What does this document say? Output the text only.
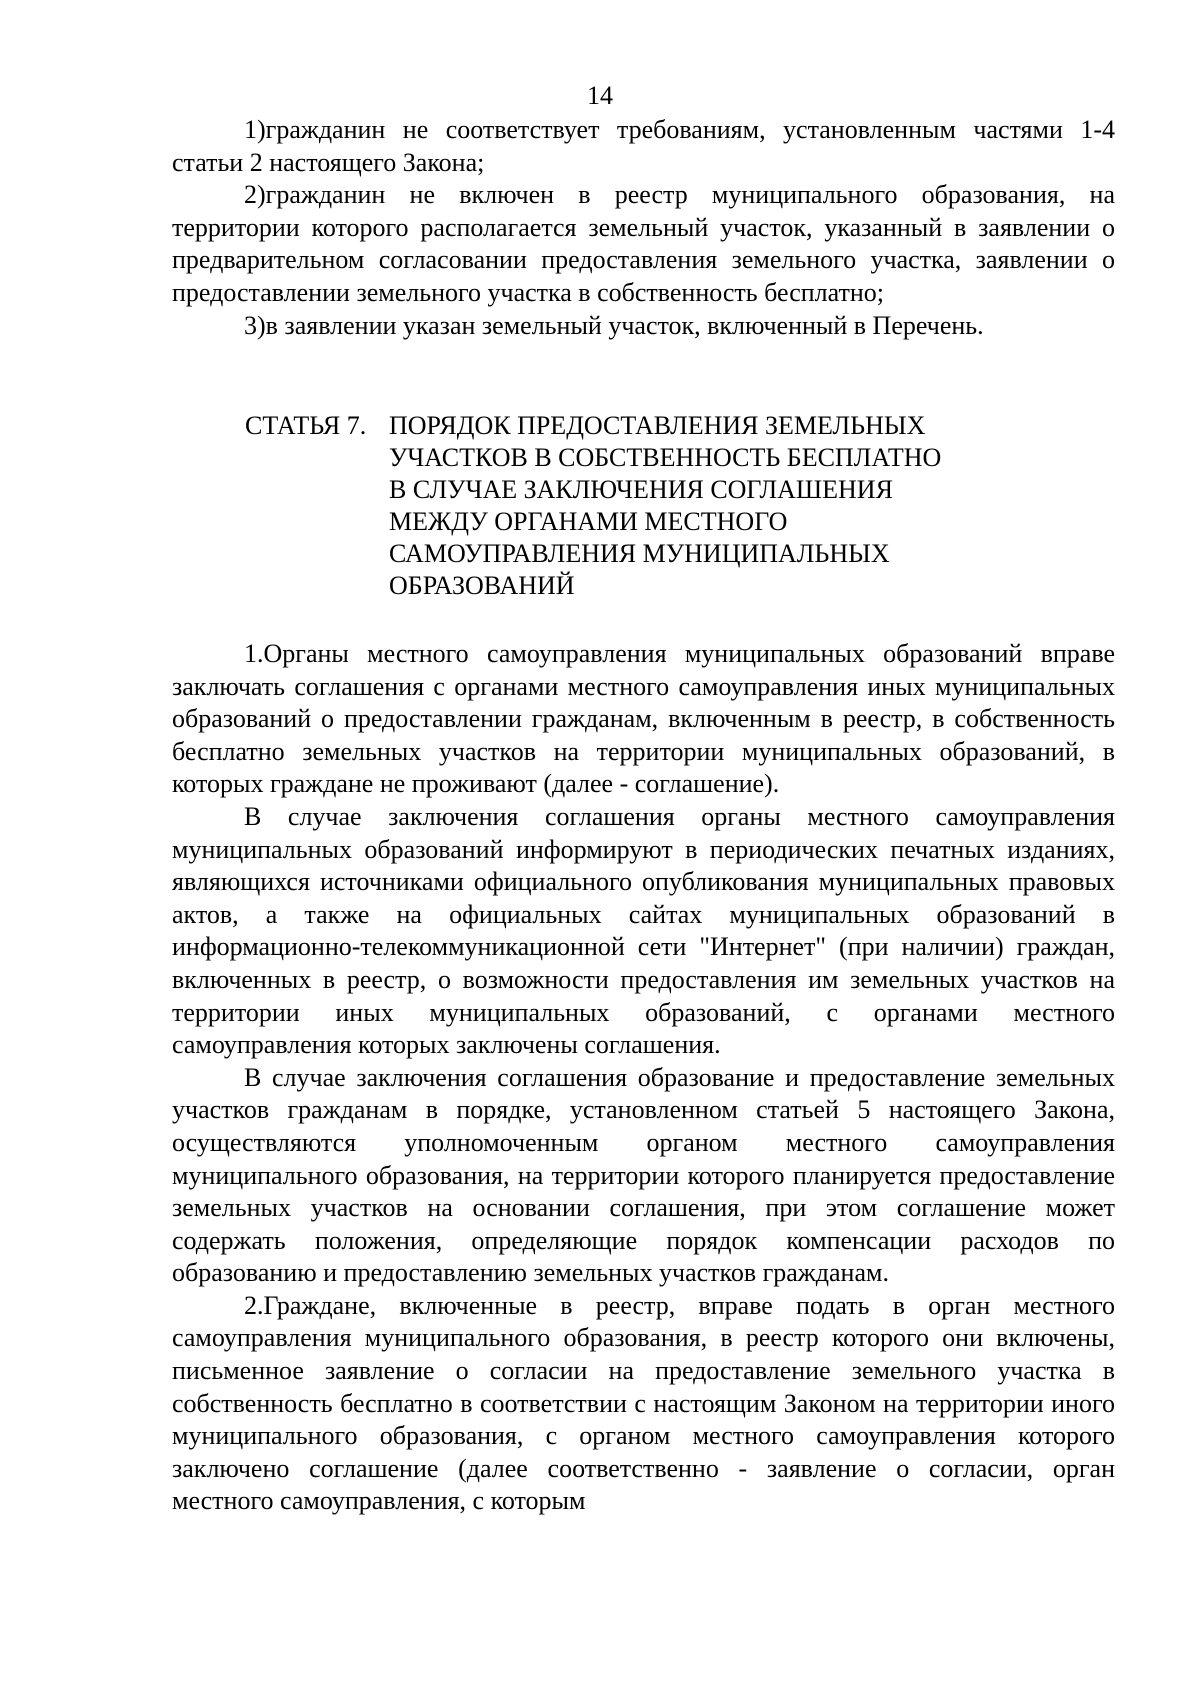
14

1)гражданин не соответствует требованиям, установленным частями 1-4 статьи 2 настоящего Закона;

2)гражданин не включен в реестр муниципального образования, на территории которого располагается земельный участок, указанный в заявлении о предварительном согласовании предоставления земельного участка, заявлении о предоставлении земельного участка в собственность бесплатно;

3)в заявлении указан земельный участок, включенный в Перечень.

СТАТЬЯ 7. ПОРЯДОК ПРЕДОСТАВЛЕНИЯ ЗЕМЕЛЬНЫХ
УЧАСТКОВ В СОБСТВЕННОСТЬ БЕСПЛАТНО
В СЛУЧАЕ ЗАКЛЮЧЕНИЯ СОГЛАШЕНИЯ
МЕЖДУ ОРГАНАМИ МЕСТНОГО
САМОУПРАВЛЕНИЯ МУНИЦИПАЛЬНЫХ
ОБРАЗОВАНИЙ

1.Органы местного самоуправления муниципальных образований вправе заключать соглашения с органами местного самоуправления иных муниципальных образований о предоставлении гражданам, включенным в реестр, в собственность бесплатно земельных участков на территории муниципальных образований, в которых граждане не проживают (далее - соглашение).

В случае заключения соглашения органы местного самоуправления муниципальных образований информируют в периодических печатных изданиях, являющихся источниками официального опубликования муниципальных правовых актов, а также на официальных сайтах муниципальных образований в информационно-телекоммуникационной сети "Интернет" (при наличии) граждан, включенных в реестр, о возможности предоставления им земельных участков на территории иных муниципальных образований, с органами местного самоуправления которых заключены соглашения.

В случае заключения соглашения образование и предоставление земельных участков гражданам в порядке, установленном статьей 5 настоящего Закона, осуществляются уполномоченным органом местного самоуправления муниципального образования, на территории которого планируется предоставление земельных участков на основании соглашения, при этом соглашение может содержать положения, определяющие порядок компенсации расходов по образованию и предоставлению земельных участков гражданам.

2.Граждане, включенные в реестр, вправе подать в орган местного самоуправления муниципального образования, в реестр которого они включены, письменное заявление о согласии на предоставление земельного участка в собственность бесплатно в соответствии с настоящим Законом на территории иного муниципального образования, с органом местного самоуправления которого заключено соглашение (далее соответственно - заявление о согласии, орган местного самоуправления, с которым
